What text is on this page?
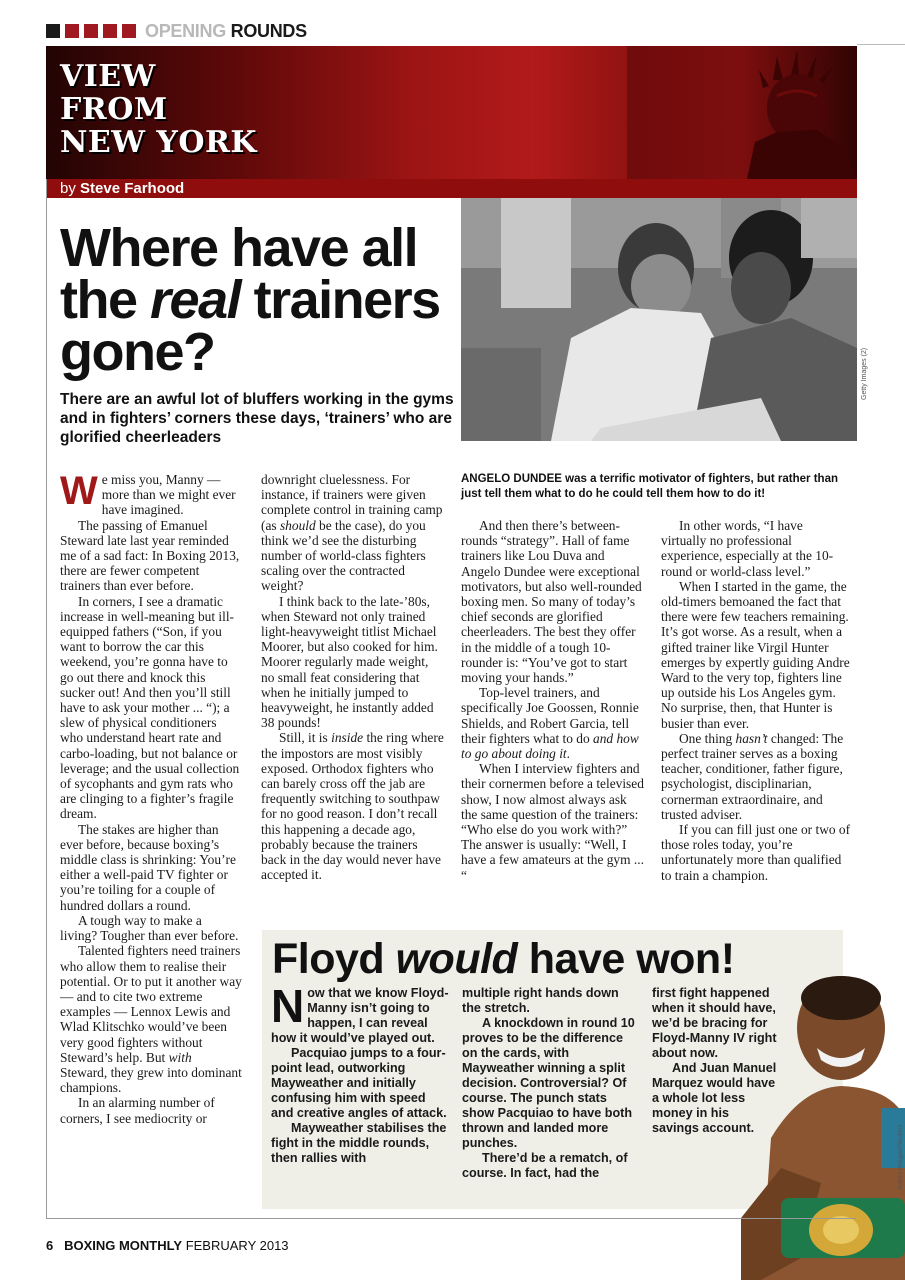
OPENING ROUNDS
VIEW
FROM
NEW YORK
by Steve Farhood
Where have all the real trainers gone?

There are an awful lot of bluffers working in the gyms and in fighters’ corners these days, ‘trainers’ who are glorified cheerleaders

Getty Images (2)

ANGELO DUNDEE was a terrific motivator of fighters, but rather than just tell them what to do he could tell them how to do it!

We miss you, Manny — more than we might ever have imagined.

The passing of Emanuel Steward late last year reminded me of a sad fact: In Boxing 2013, there are fewer competent trainers than ever before.

In corners, I see a dramatic increase in well-meaning but ill-equipped fathers (“Son, if you want to borrow the car this weekend, you’re gonna have to go out there and knock this sucker out! And then you’ll still have to ask your mother ... “); a slew of physical conditioners who understand heart rate and carbo-loading, but not balance or leverage; and the usual collection of sycophants and gym rats who are clinging to a fighter’s fragile dream.

The stakes are higher than ever before, because boxing’s middle class is shrinking: You’re either a well-paid TV fighter or you’re toiling for a couple of hundred dollars a round.

A tough way to make a living? Tougher than ever before.

Talented fighters need trainers who allow them to realise their potential. Or to put it another way — and to cite two extreme examples — Lennox Lewis and Wlad Klitschko would’ve been very good fighters without Steward’s help. But with Steward, they grew into dominant champions.

In an alarming number of corners, I see mediocrity or

downright cluelessness. For instance, if trainers were given complete control in training camp (as should be the case), do you think we’d see the disturbing number of world-class fighters scaling over the contracted weight?

I think back to the late-’80s, when Steward not only trained light-heavyweight titlist Michael Moorer, but also cooked for him. Moorer regularly made weight, no small feat considering that when he initially jumped to heavyweight, he instantly added 38 pounds!

Still, it is inside the ring where the impostors are most visibly exposed. Orthodox fighters who can barely cross off the jab are frequently switching to southpaw for no good reason. I don’t recall this happening a decade ago, probably because the trainers back in the day would never have accepted it.

And then there’s between-rounds “strategy”. Hall of fame trainers like Lou Duva and Angelo Dundee were exceptional motivators, but also well-rounded boxing men. So many of today’s chief seconds are glorified cheerleaders. The best they offer in the middle of a tough 10-rounder is: “You’ve got to start moving your hands.”

Top-level trainers, and specifically Joe Goossen, Ronnie Shields, and Robert Garcia, tell their fighters what to do and how to go about doing it.

When I interview fighters and their cornermen before a televised show, I now almost always ask the same question of the trainers: “Who else do you work with?” The answer is usually: “Well, I have a few amateurs at the gym ... “

In other words, “I have virtually no professional experience, especially at the 10-round or world-class level.”

When I started in the game, the old-timers bemoaned the fact that there were few teachers remaining. It’s got worse. As a result, when a gifted trainer like Virgil Hunter emerges by expertly guiding Andre Ward to the very top, fighters line up outside his Los Angeles gym. No surprise, then, that Hunter is busier than ever.

One thing hasn’t changed: The perfect trainer serves as a boxing teacher, conditioner, father figure, psychologist, disciplinarian, cornerman extraordinaire, and trusted adviser.

If you can fill just one or two of those roles today, you’re unfortunately more than qualified to train a champion.

Floyd would have won!

Now that we know Floyd-Manny isn’t going to happen, I can reveal how it would’ve played out.

Pacquiao jumps to a four-point lead, outworking Mayweather and initially confusing him with speed and creative angles of attack.

Mayweather stabilises the fight in the middle rounds, then rallies with

multiple right hands down the stretch.

A knockdown in round 10 proves to be the difference on the cards, with Mayweather winning a split decision. Controversial? Of course. The punch stats show Pacquiao to have both thrown and landed more punches.

There’d be a rematch, of course. In fact, had the

first fight happened when it should have, we’d be bracing for Floyd-Manny IV right about now.

And Juan Manuel Marquez would have a whole lot less money in his savings account.	Action Images/Reuters
6 BOXING MONTHLY FEBRUARY 2013
